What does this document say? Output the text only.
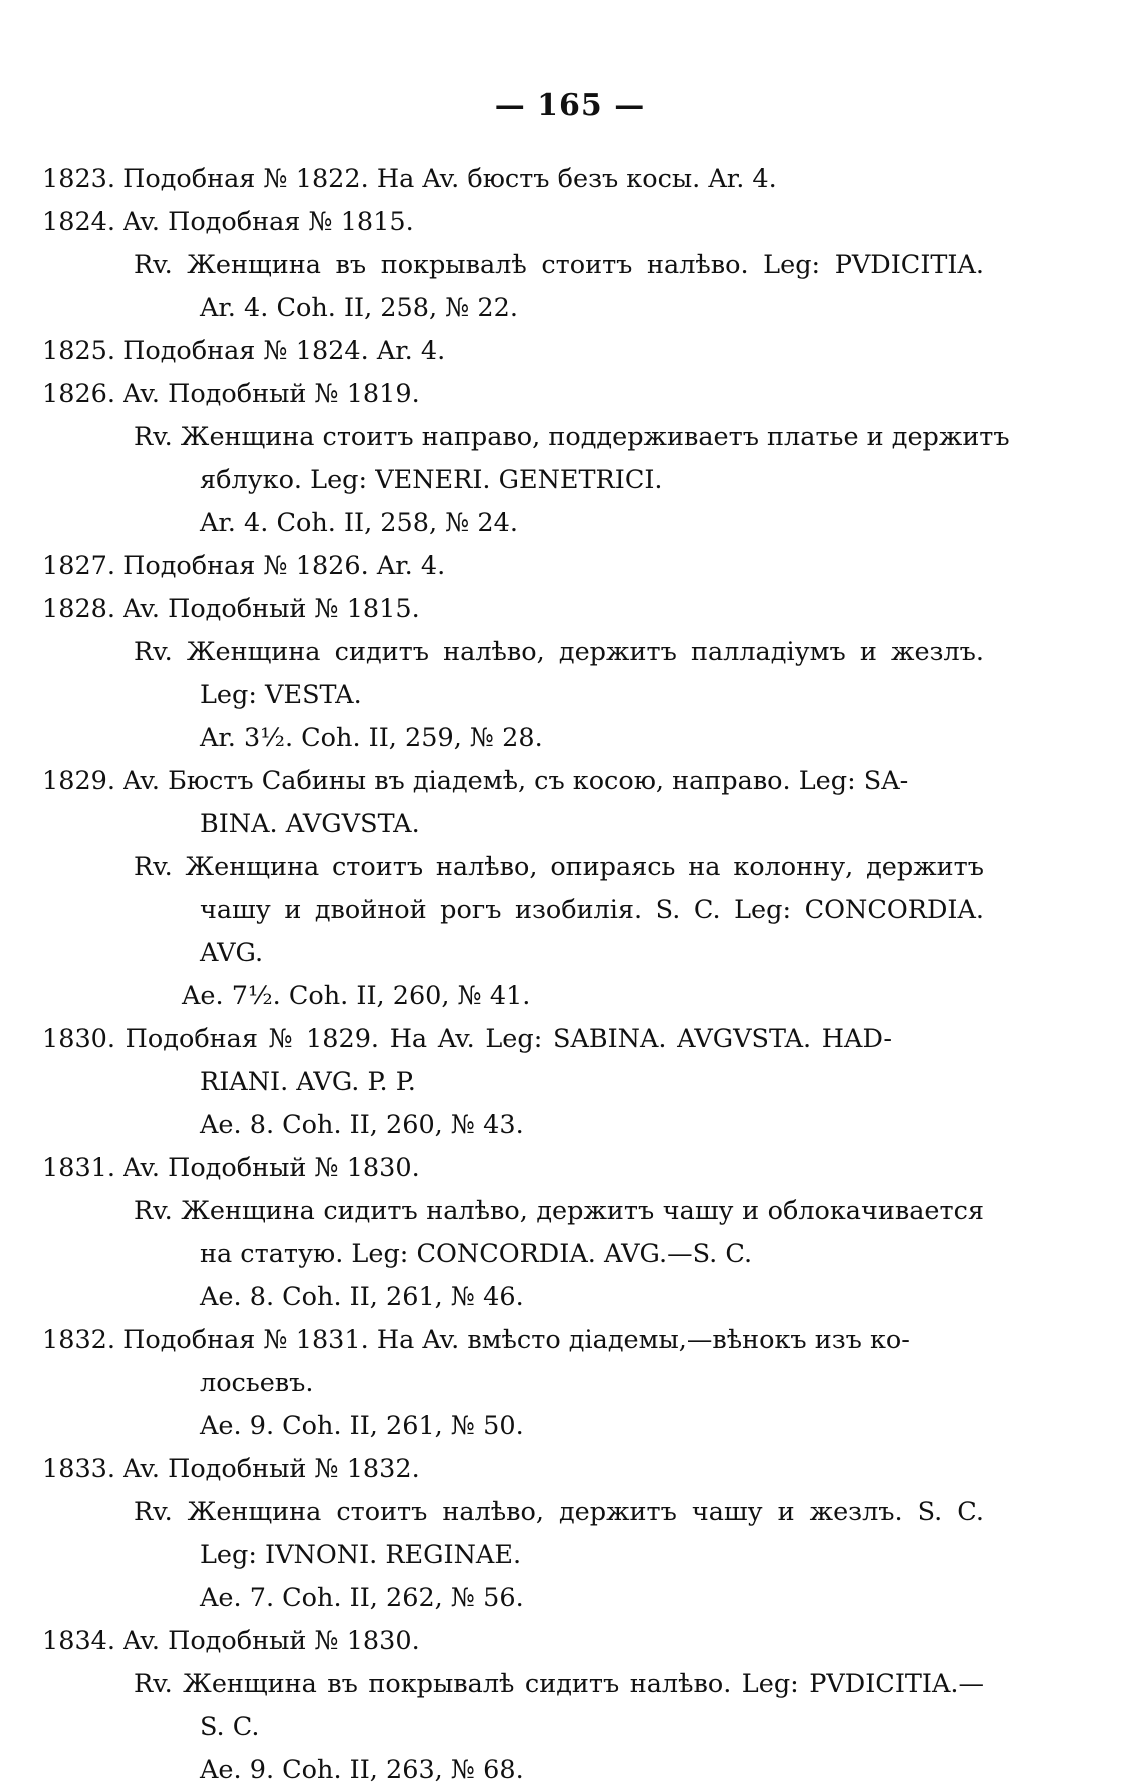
— 165 —
1823. Подобная № 1822. На Av. бюстъ безъ косы. Ar. 4.
1824. Av. Подобная № 1815.
Rv. Женщина въ покрывалѣ стоитъ налѣво. Leg: PVDICITIA.
Ar. 4. Coh. II, 258, № 22.
1825. Подобная № 1824. Ar. 4.
1826. Av. Подобный № 1819.
Rv. Женщина стоитъ направо, поддерживаетъ платье и держитъ
яблуко. Leg: VENERI. GENETRICI.
Ar. 4. Coh. II, 258, № 24.
1827. Подобная № 1826. Ar. 4.
1828. Av. Подобный № 1815.
Rv. Женщина сидитъ налѣво, держитъ палладіумъ и жезлъ.
Leg: VESTA.
Ar. 3½. Coh. II, 259, № 28.
1829. Av. Бюстъ Сабины въ діадемѣ, съ косою, направо. Leg: SA-
BINA. AVGVSTA.
Rv. Женщина стоитъ налѣво, опираясь на колонну, держитъ
чашу и двойной рогъ изобилія. S. C. Leg: CONCORDIA.
AVG.
Ae. 7½. Coh. II, 260, № 41.
1830. Подобная № 1829. На Av. Leg: SABINA. AVGVSTA. HAD-
RIANI. AVG. P. P.
Ae. 8. Coh. II, 260, № 43.
1831. Av. Подобный № 1830.
Rv. Женщина сидитъ налѣво, держитъ чашу и облокачивается
на статую. Leg: CONCORDIA. AVG.—S. C.
Ae. 8. Coh. II, 261, № 46.
1832. Подобная № 1831. На Av. вмѣсто діадемы,—вѣнокъ изъ ко-
лосьевъ.
Ae. 9. Coh. II, 261, № 50.
1833. Av. Подобный № 1832.
Rv. Женщина стоитъ налѣво, держитъ чашу и жезлъ. S. C.
Leg: IVNONI. REGINAE.
Ae. 7. Coh. II, 262, № 56.
1834. Av. Подобный № 1830.
Rv. Женщина въ покрывалѣ сидитъ налѣво. Leg: PVDICITIA.—
S. C.
Ae. 9. Coh. II, 263, № 68.
